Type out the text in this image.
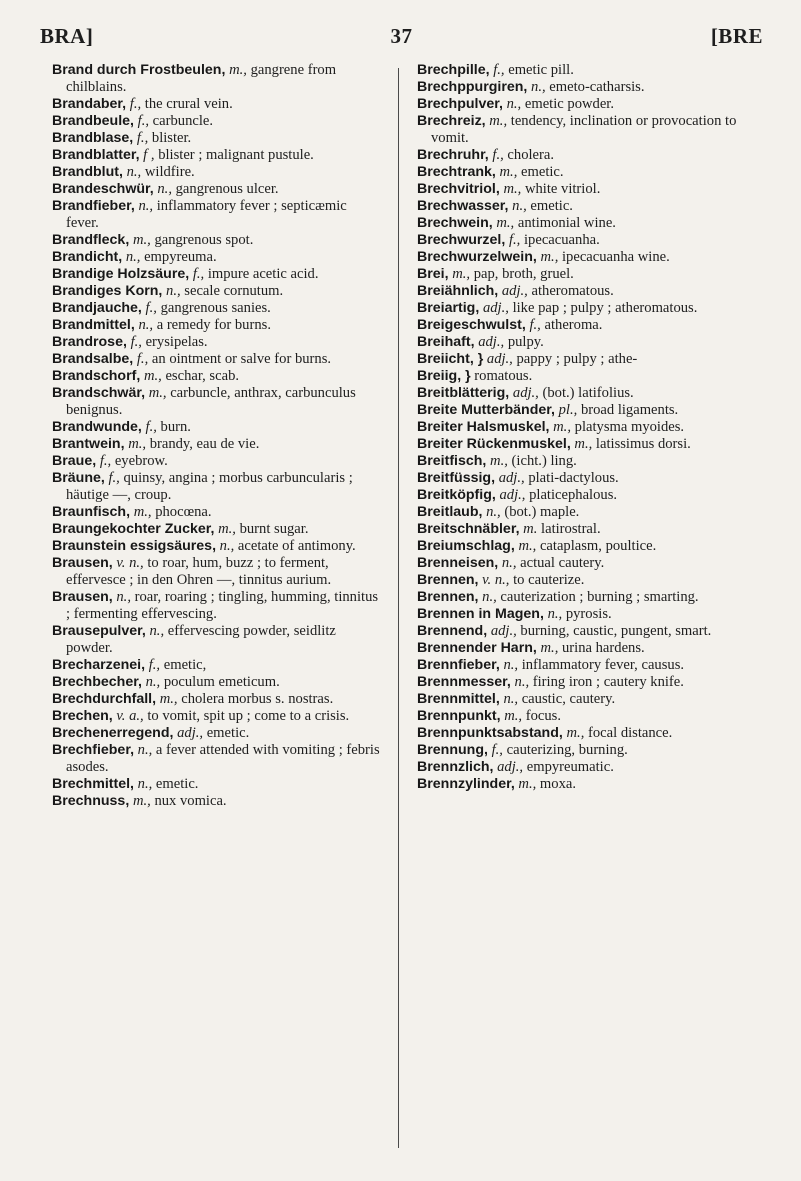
BRA]	37	[BRE

Brand durch Frostbeulen, m., gangrene from chilblains.

Brandaber, f., the crural vein.

Brandbeule, f., carbuncle.

Brandblase, f., blister.

Brandblatter, f , blister ; malignant pustule.

Brandblut, n., wildfire.

Brandeschwür, n., gangrenous ulcer.

Brandfieber, n., inflammatory fever ; septicæmic fever.

Brandfleck, m., gangrenous spot.

Brandicht, n., empyreuma.

Brandige Holzsäure, f., impure acetic acid.

Brandiges Korn, n., secale cornutum.

Brandjauche, f., gangrenous sanies.

Brandmittel, n., a remedy for burns.

Brandrose, f., erysipelas.

Brandsalbe, f., an ointment or salve for burns.

Brandschorf, m., eschar, scab.

Brandschwär, m., carbuncle, anthrax, carbunculus benignus.

Brandwunde, f., burn.

Brantwein, m., brandy, eau de vie.

Braue, f., eyebrow.

Bräune, f., quinsy, angina ; morbus carbuncularis ; häutige —, croup.

Braunfisch, m., phocœna.

Braungekochter Zucker, m., burnt sugar.

Braunstein essigsäures, n., acetate of antimony.

Brausen, v. n., to roar, hum, buzz ; to ferment, effervesce ; in den Ohren —, tinnitus aurium.

Brausen, n., roar, roaring ; tingling, humming, tinnitus ; fermenting effervescing.

Brausepulver, n., effervescing powder, seidlitz powder.

Brecharzenei, f., emetic,

Brechbecher, n., poculum emeticum.

Brechdurchfall, m., cholera morbus s. nostras.

Brechen, v. a., to vomit, spit up ; come to a crisis.

Brechenerregend, adj., emetic.

Brechfieber, n., a fever attended with vomiting ; febris asodes.

Brechmittel, n., emetic.

Brechnuss, m., nux vomica.

Brechpille, f., emetic pill.

Brechppurgiren, n., emeto-catharsis.

Brechpulver, n., emetic powder.

Brechreiz, m., tendency, inclination or provocation to vomit.

Brechruhr, f., cholera.

Brechtrank, m., emetic.

Brechvitriol, m., white vitriol.

Brechwasser, n., emetic.

Brechwein, m., antimonial wine.

Brechwurzel, f., ipecacuanha.

Brechwurzelwein, m., ipecacuanha wine.

Brei, m., pap, broth, gruel.

Breiähnlich, adj., atheromatous.

Breiartig, adj., like pap ; pulpy ; atheromatous.

Breigeschwulst, f., atheroma.

Breihaft, adj., pulpy.

Breiicht, } adj., pappy ; pulpy ; athe-

Breiig, } romatous.

Breitblätterig, adj., (bot.) latifolius.

Breite Mutterbänder, pl., broad ligaments.

Breiter Halsmuskel, m., platysma myoides.

Breiter Rückenmuskel, m., latissimus dorsi.

Breitfisch, m., (icht.) ling.

Breitfüssig, adj., plati-dactylous.

Breitköpfig, adj., platicephalous.

Breitlaub, n., (bot.) maple.

Breitschnäbler, m. latirostral.

Breiumschlag, m., cataplasm, poultice.

Brenneisen, n., actual cautery.

Brennen, v. n., to cauterize.

Brennen, n., cauterization ; burning ; smarting.

Brennen in Magen, n., pyrosis.

Brennend, adj., burning, caustic, pungent, smart.

Brennender Harn, m., urina hardens.

Brennfieber, n., inflammatory fever, causus.

Brennmesser, n., firing iron ; cautery knife.

Brennmittel, n., caustic, cautery.

Brennpunkt, m., focus.

Brennpunktsabstand, m., focal distance.

Brennung, f., cauterizing, burning.

Brennzlich, adj., empyreumatic.

Brennzylinder, m., moxa.
